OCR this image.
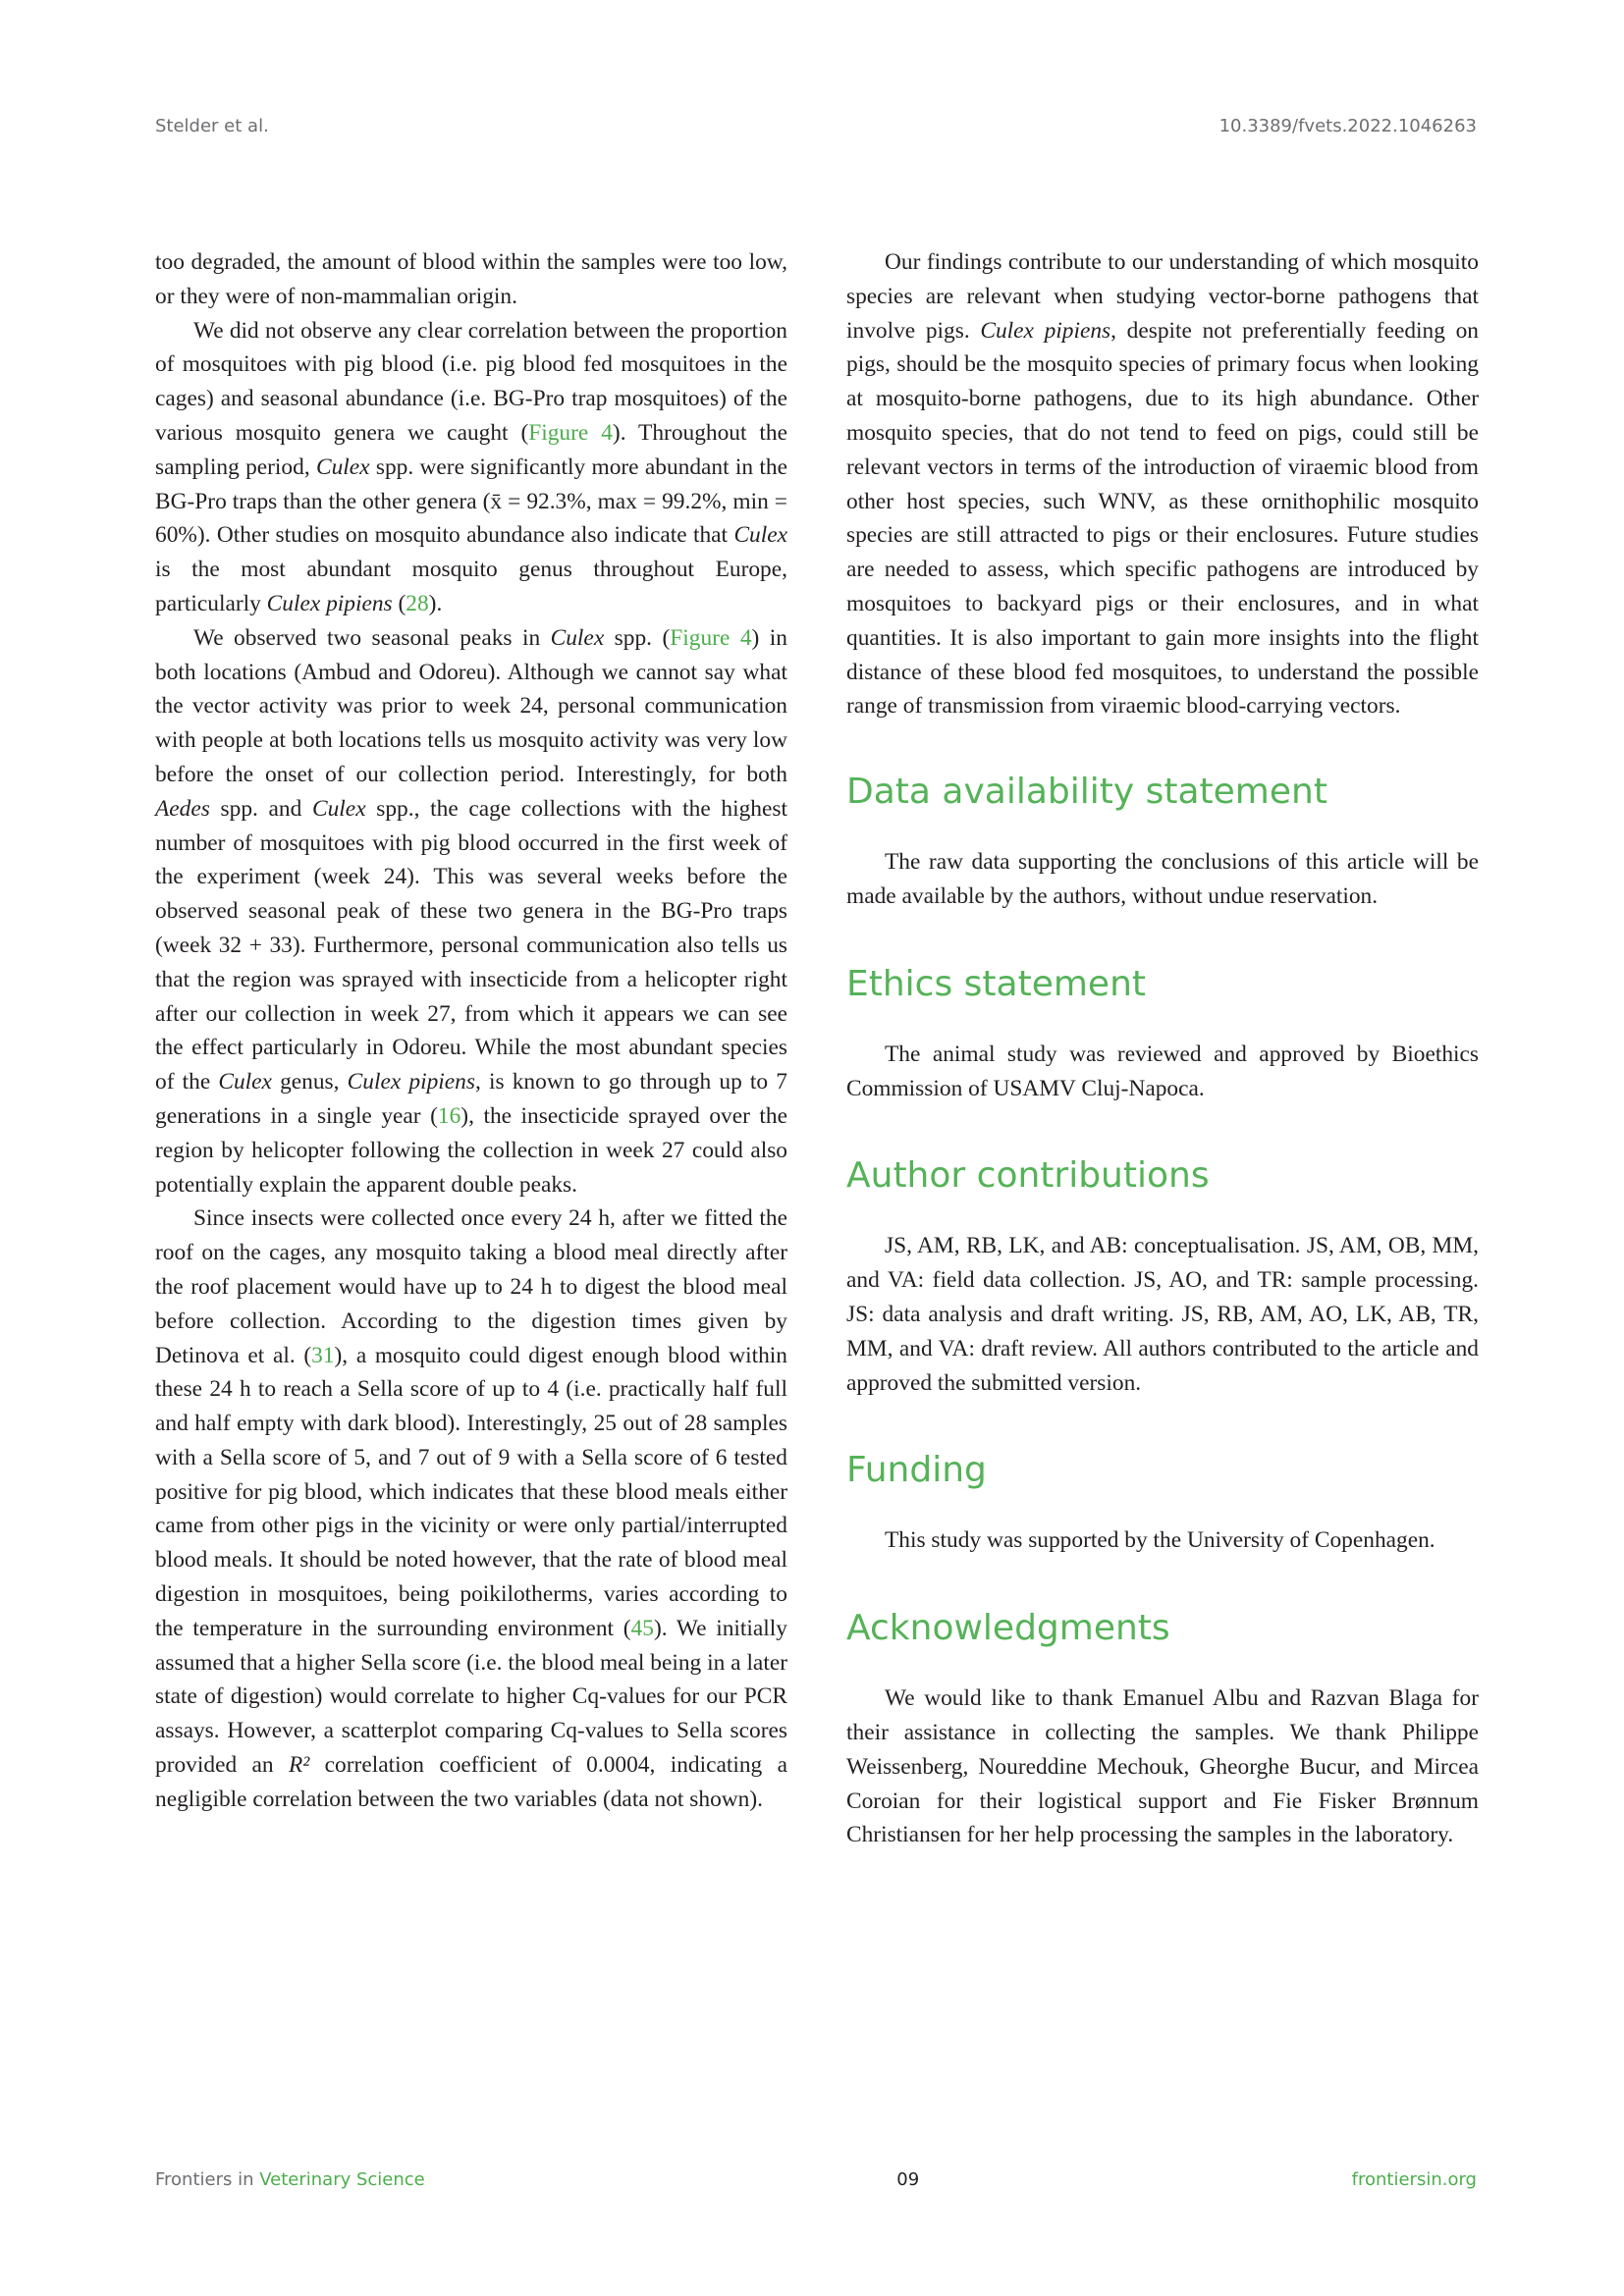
Stelder et al.	10.3389/fvets.2022.1046263

too degraded, the amount of blood within the samples were too low, or they were of non-mammalian origin.

We did not observe any clear correlation between the proportion of mosquitoes with pig blood (i.e. pig blood fed mosquitoes in the cages) and seasonal abundance (i.e. BG-Pro trap mosquitoes) of the various mosquito genera we caught (Figure 4). Throughout the sampling period, Culex spp. were significantly more abundant in the BG-Pro traps than the other genera (x̄ = 92.3%, max = 99.2%, min = 60%). Other studies on mosquito abundance also indicate that Culex is the most abundant mosquito genus throughout Europe, particularly Culex pipiens (28).

We observed two seasonal peaks in Culex spp. (Figure 4) in both locations (Ambud and Odoreu). Although we cannot say what the vector activity was prior to week 24, personal communication with people at both locations tells us mosquito activity was very low before the onset of our collection period. Interestingly, for both Aedes spp. and Culex spp., the cage collections with the highest number of mosquitoes with pig blood occurred in the first week of the experiment (week 24). This was several weeks before the observed seasonal peak of these two genera in the BG-Pro traps (week 32 + 33). Furthermore, personal communication also tells us that the region was sprayed with insecticide from a helicopter right after our collection in week 27, from which it appears we can see the effect particularly in Odoreu. While the most abundant species of the Culex genus, Culex pipiens, is known to go through up to 7 generations in a single year (16), the insecticide sprayed over the region by helicopter following the collection in week 27 could also potentially explain the apparent double peaks.

Since insects were collected once every 24 h, after we fitted the roof on the cages, any mosquito taking a blood meal directly after the roof placement would have up to 24 h to digest the blood meal before collection. According to the digestion times given by Detinova et al. (31), a mosquito could digest enough blood within these 24 h to reach a Sella score of up to 4 (i.e. practically half full and half empty with dark blood). Interestingly, 25 out of 28 samples with a Sella score of 5, and 7 out of 9 with a Sella score of 6 tested positive for pig blood, which indicates that these blood meals either came from other pigs in the vicinity or were only partial/interrupted blood meals. It should be noted however, that the rate of blood meal digestion in mosquitoes, being poikilotherms, varies according to the temperature in the surrounding environment (45). We initially assumed that a higher Sella score (i.e. the blood meal being in a later state of digestion) would correlate to higher Cq-values for our PCR assays. However, a scatterplot comparing Cq-values to Sella scores provided an R² correlation coefficient of 0.0004, indicating a negligible correlation between the two variables (data not shown).

Our findings contribute to our understanding of which mosquito species are relevant when studying vector-borne pathogens that involve pigs. Culex pipiens, despite not preferentially feeding on pigs, should be the mosquito species of primary focus when looking at mosquito-borne pathogens, due to its high abundance. Other mosquito species, that do not tend to feed on pigs, could still be relevant vectors in terms of the introduction of viraemic blood from other host species, such WNV, as these ornithophilic mosquito species are still attracted to pigs or their enclosures. Future studies are needed to assess, which specific pathogens are introduced by mosquitoes to backyard pigs or their enclosures, and in what quantities. It is also important to gain more insights into the flight distance of these blood fed mosquitoes, to understand the possible range of transmission from viraemic blood-carrying vectors.

Data availability statement

The raw data supporting the conclusions of this article will be made available by the authors, without undue reservation.

Ethics statement

The animal study was reviewed and approved by Bioethics Commission of USAMV Cluj-Napoca.

Author contributions

JS, AM, RB, LK, and AB: conceptualisation. JS, AM, OB, MM, and VA: field data collection. JS, AO, and TR: sample processing. JS: data analysis and draft writing. JS, RB, AM, AO, LK, AB, TR, MM, and VA: draft review. All authors contributed to the article and approved the submitted version.

Funding

This study was supported by the University of Copenhagen.

Acknowledgments

We would like to thank Emanuel Albu and Razvan Blaga for their assistance in collecting the samples. We thank Philippe Weissenberg, Noureddine Mechouk, Gheorghe Bucur, and Mircea Coroian for their logistical support and Fie Fisker Brønnum Christiansen for her help processing the samples in the laboratory.

Frontiers in Veterinary Science	09	frontiersin.org
